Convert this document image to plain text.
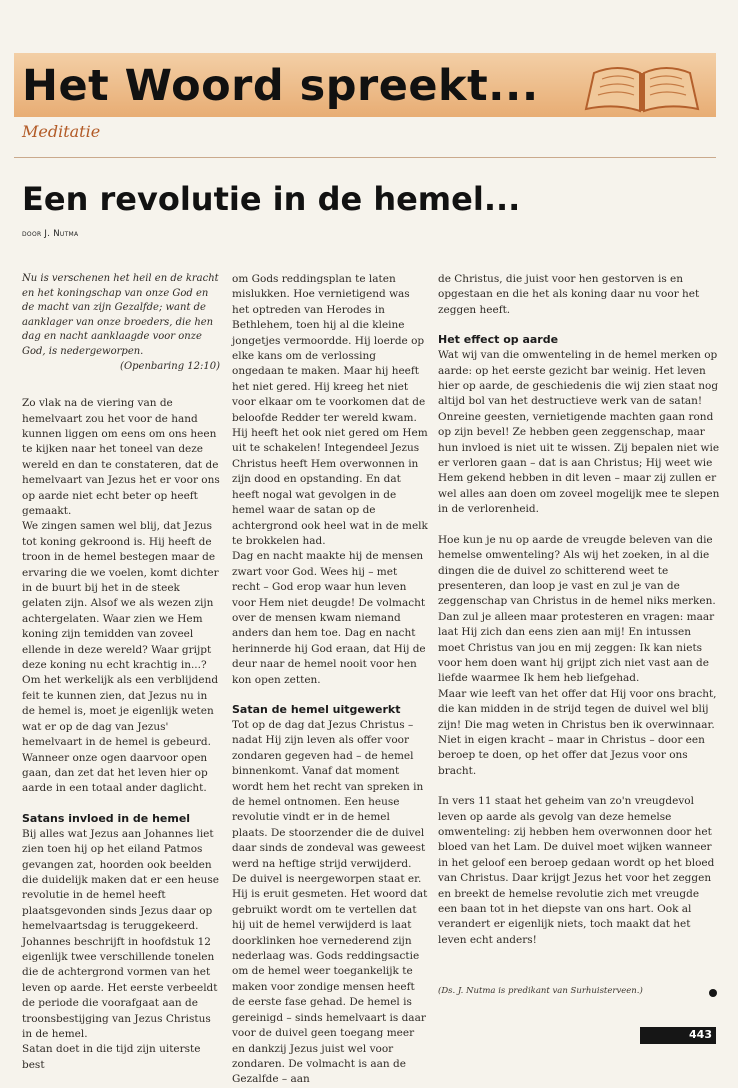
Het Woord spreekt...
Meditatie
Een revolutie in de hemel...
door J. Nutma

Nu is verschenen het heil en de kracht en het koningschap van onze God en de macht van zijn Gezalfde; want de aanklager van onze broeders, die hen dag en nacht aanklaagde voor onze God, is nedergeworpen.
(Openbaring 12:10)

Zo vlak na de viering van de hemelvaart zou het voor de hand kunnen liggen om eens om ons heen te kijken naar het toneel van deze wereld en dan te constateren, dat de hemelvaart van Jezus het er voor ons op aarde niet echt beter op heeft gemaakt.

We zingen samen wel blij, dat Jezus tot koning gekroond is. Hij heeft de troon in de hemel bestegen maar de ervaring die we voelen, komt dichter in de buurt bij het in de steek gelaten zijn. Alsof we als wezen zijn achtergelaten. Waar zien we Hem koning zijn temidden van zoveel ellende in deze wereld? Waar grijpt deze koning nu echt krachtig in...?

Om het werkelijk als een verblijdend feit te kunnen zien, dat Jezus nu in de hemel is, moet je eigenlijk weten wat er op de dag van Jezus' hemelvaart in de hemel is gebeurd. Wanneer onze ogen daarvoor open gaan, dan zet dat het leven hier op aarde in een totaal ander daglicht.

Satans invloed in de hemel

Bij alles wat Jezus aan Johannes liet zien toen hij op het eiland Patmos gevangen zat, hoorden ook beelden die duidelijk maken dat er een heuse revolutie in de hemel heeft plaatsgevonden sinds Jezus daar op hemelvaartsdag is teruggekeerd. Johannes beschrijft in hoofdstuk 12 eigenlijk twee verschillende tonelen die de achtergrond vormen van het leven op aarde. Het eerste verbeeldt de periode die voorafgaat aan de troonsbestijging van Jezus Christus in de hemel.

Satan doet in die tijd zijn uiterste best

om Gods reddingsplan te laten mislukken. Hoe vernietigend was het optreden van Herodes in Bethlehem, toen hij al die kleine jongetjes vermoordde. Hij loerde op elke kans om de verlossing ongedaan te maken. Maar hij heeft het niet gered. Hij kreeg het niet voor elkaar om te voorkomen dat de beloofde Redder ter wereld kwam. Hij heeft het ook niet gered om Hem uit te schakelen! Integendeel Jezus Christus heeft Hem overwonnen in zijn dood en opstanding. En dat heeft nogal wat gevolgen in de hemel waar de satan op de achtergrond ook heel wat in de melk te brokkelen had.

Dag en nacht maakte hij de mensen zwart voor God. Wees hij – met recht – God erop waar hun leven voor Hem niet deugde! De volmacht over de mensen kwam niemand anders dan hem toe. Dag en nacht herinnerde hij God eraan, dat Hij de deur naar de hemel nooit voor hen kon open zetten.

Satan de hemel uitgewerkt

Tot op de dag dat Jezus Christus – nadat Hij zijn leven als offer voor zondaren gegeven had – de hemel binnenkomt. Vanaf dat moment wordt hem het recht van spreken in de hemel ontnomen. Een heuse revolutie vindt er in de hemel plaats. De stoorzender die de duivel daar sinds de zondeval was geweest werd na heftige strijd verwijderd.

De duivel is neergeworpen staat er. Hij is eruit gesmeten. Het woord dat gebruikt wordt om te vertellen dat hij uit de hemel verwijderd is laat doorklinken hoe vernederend zijn nederlaag was. Gods reddingsactie om de hemel weer toegankelijk te maken voor zondige mensen heeft de eerste fase gehad. De hemel is gereinigd – sinds hemelvaart is daar voor de duivel geen toegang meer en dankzij Jezus juist wel voor zondaren. De volmacht is aan de Gezalfde – aan

de Christus, die juist voor hen gestorven is en opgestaan en die het als koning daar nu voor het zeggen heeft.

Het effect op aarde

Wat wij van die omwenteling in de hemel merken op aarde: op het eerste gezicht bar weinig. Het leven hier op aarde, de geschiedenis die wij zien staat nog altijd bol van het destructieve werk van de satan!

Onreine geesten, vernietigende machten gaan rond op zijn bevel! Ze hebben geen zeggenschap, maar hun invloed is niet uit te wissen. Zij bepalen niet wie er verloren gaan – dat is aan Christus; Hij weet wie Hem gekend hebben in dit leven – maar zij zullen er wel alles aan doen om zoveel mogelijk mee te slepen in de verlorenheid.

Hoe kun je nu op aarde de vreugde beleven van die hemelse omwenteling? Als wij het zoeken, in al die dingen die de duivel zo schitterend weet te presenteren, dan loop je vast en zul je van de zeggenschap van Christus in de hemel niks merken. Dan zul je alleen maar protesteren en vragen: maar laat Hij zich dan eens zien aan mij! En intussen moet Christus van jou en mij zeggen: Ik kan niets voor hem doen want hij grijpt zich niet vast aan de liefde waarmee Ik hem heb liefgehad.

Maar wie leeft van het offer dat Hij voor ons bracht, die kan midden in de strijd tegen de duivel wel blij zijn! Die mag weten in Christus ben ik overwinnaar. Niet in eigen kracht – maar in Christus – door een beroep te doen, op het offer dat Jezus voor ons bracht.

In vers 11 staat het geheim van zo'n vreugdevol leven op aarde als gevolg van deze hemelse omwenteling: zij hebben hem overwonnen door het bloed van het Lam. De duivel moet wijken wanneer in het geloof een beroep gedaan wordt op het bloed van Christus. Daar krijgt Jezus het voor het zeggen en breekt de hemelse revolutie zich met vreugde een baan tot in het diepste van ons hart. Ook al verandert er eigenlijk niets, toch maakt dat het leven echt anders!

(Ds. J. Nutma is predikant van Surhuisterveen.)
443
